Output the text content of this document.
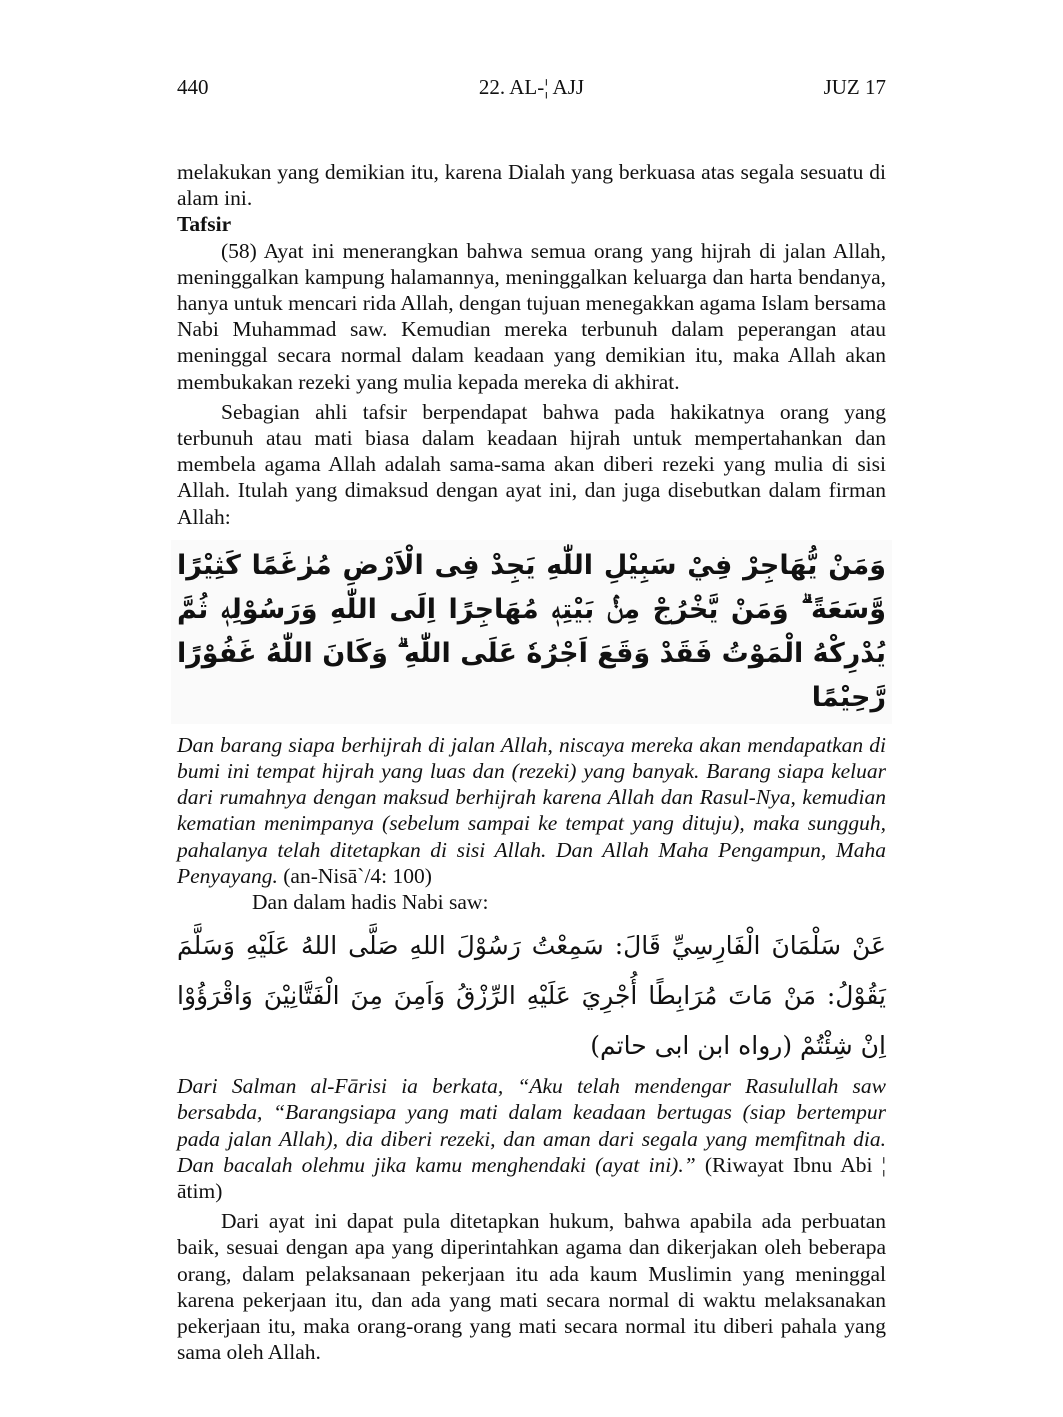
440	22. AL-¦ AJJ	JUZ 17

melakukan yang demikian itu, karena Dialah yang berkuasa atas segala sesuatu di alam ini.

Tafsir

(58) Ayat ini menerangkan bahwa semua orang yang hijrah di jalan Allah, meninggalkan kampung halamannya, meninggalkan keluarga dan harta bendanya, hanya untuk mencari rida Allah, dengan tujuan menegakkan agama Islam bersama Nabi Muhammad saw. Kemudian mereka terbunuh dalam peperangan atau meninggal secara normal dalam keadaan yang demikian itu, maka Allah akan membukakan rezeki yang mulia kepada mereka di akhirat.

Sebagian ahli tafsir berpendapat bahwa pada hakikatnya orang yang terbunuh atau mati biasa dalam keadaan hijrah untuk mempertahankan dan membela agama Allah adalah sama-sama akan diberi rezeki yang mulia di sisi Allah. Itulah yang dimaksud dengan ayat ini, dan juga disebutkan dalam firman Allah:

وَمَنْ يُّهَاجِرْ فِيْ سَبِيْلِ اللّٰهِ يَجِدْ فِى الْاَرْضِ مُرٰغَمًا كَثِيْرًا وَّسَعَةً ۗ وَمَنْ يَّخْرُجْ مِنْۢ بَيْتِهٖ مُهَاجِرًا اِلَى اللّٰهِ وَرَسُوْلِهٖ ثُمَّ يُدْرِكْهُ الْمَوْتُ فَقَدْ وَقَعَ اَجْرُهٗ عَلَى اللّٰهِ ۗ وَكَانَ اللّٰهُ غَفُوْرًا رَّحِيْمًا

Dan barang siapa berhijrah di jalan Allah, niscaya mereka akan mendapatkan di bumi ini tempat hijrah yang luas dan (rezeki) yang banyak. Barang siapa keluar dari rumahnya dengan maksud berhijrah karena Allah dan Rasul-Nya, kemudian kematian menimpanya (sebelum sampai ke tempat yang dituju), maka sungguh, pahalanya telah ditetapkan di sisi Allah. Dan Allah Maha Pengampun, Maha Penyayang. (an-Nisā`/4: 100)

Dan dalam hadis Nabi saw:

عَنْ سَلْمَانَ الْفَارِسِيِّ قَالَ: سَمِعْتُ رَسُوْلَ اللهِ صَلَّى اللهُ عَلَيْهِ وَسَلَّمَ يَقُوْلُ: مَنْ مَاتَ مُرَابِطًا أُجْرِيَ عَلَيْهِ الرِّزْقُ وَاَمِنَ مِنَ الْفَتَّانِيْنَ وَاقْرَؤُوْا اِنْ شِئْتُمْ (رواه ابن ابى حاتم)

Dari Salman al-Fārisi ia berkata, “Aku telah mendengar Rasulullah saw bersabda, “Barangsiapa yang mati dalam keadaan bertugas (siap bertempur pada jalan Allah), dia diberi rezeki, dan aman dari segala yang memfitnah dia. Dan bacalah olehmu jika kamu menghendaki (ayat ini).” (Riwayat Ibnu Abi ¦ ātim)

Dari ayat ini dapat pula ditetapkan hukum, bahwa apabila ada perbuatan baik, sesuai dengan apa yang diperintahkan agama dan dikerjakan oleh beberapa orang, dalam pelaksanaan pekerjaan itu ada kaum Muslimin yang meninggal karena pekerjaan itu, dan ada yang mati secara normal di waktu melaksanakan pekerjaan itu, maka orang-orang yang mati secara normal itu diberi pahala yang sama oleh Allah.
